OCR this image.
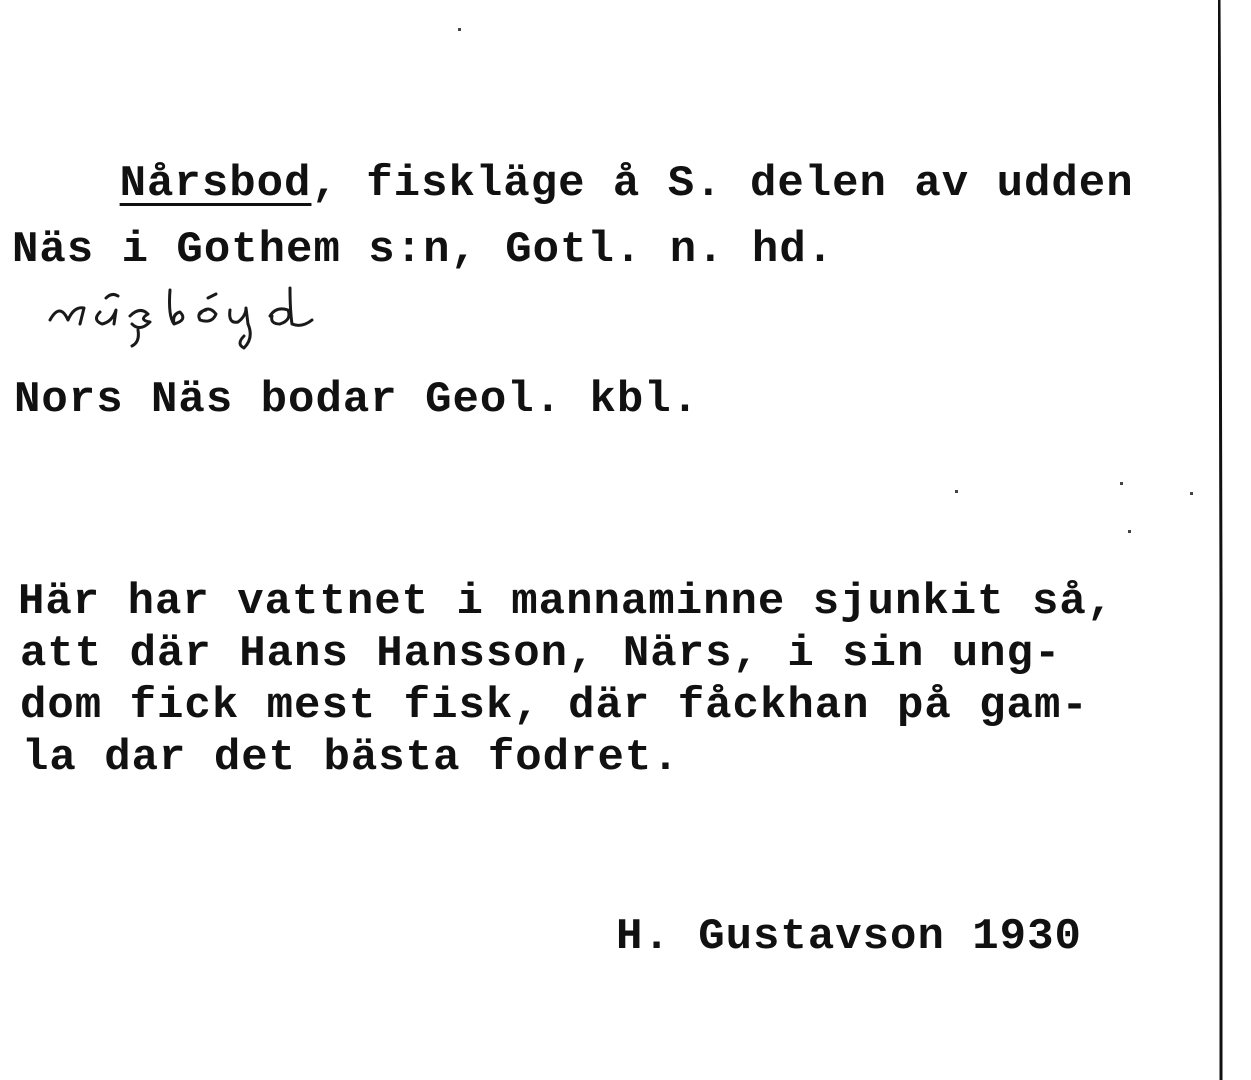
Nårsbod, fiskläge å S. delen av udden

Näs i Gothem s:n, Gotl. n. hd.
Nors Näs bodar Geol. kbl.
Här har vattnet i mannaminne sjunkit så,
att där Hans Hansson, Närs, i sin ung-
dom fick mest fisk, där fåckhan på gam-
la dar det bästa fodret.
H. Gustavson 1930
